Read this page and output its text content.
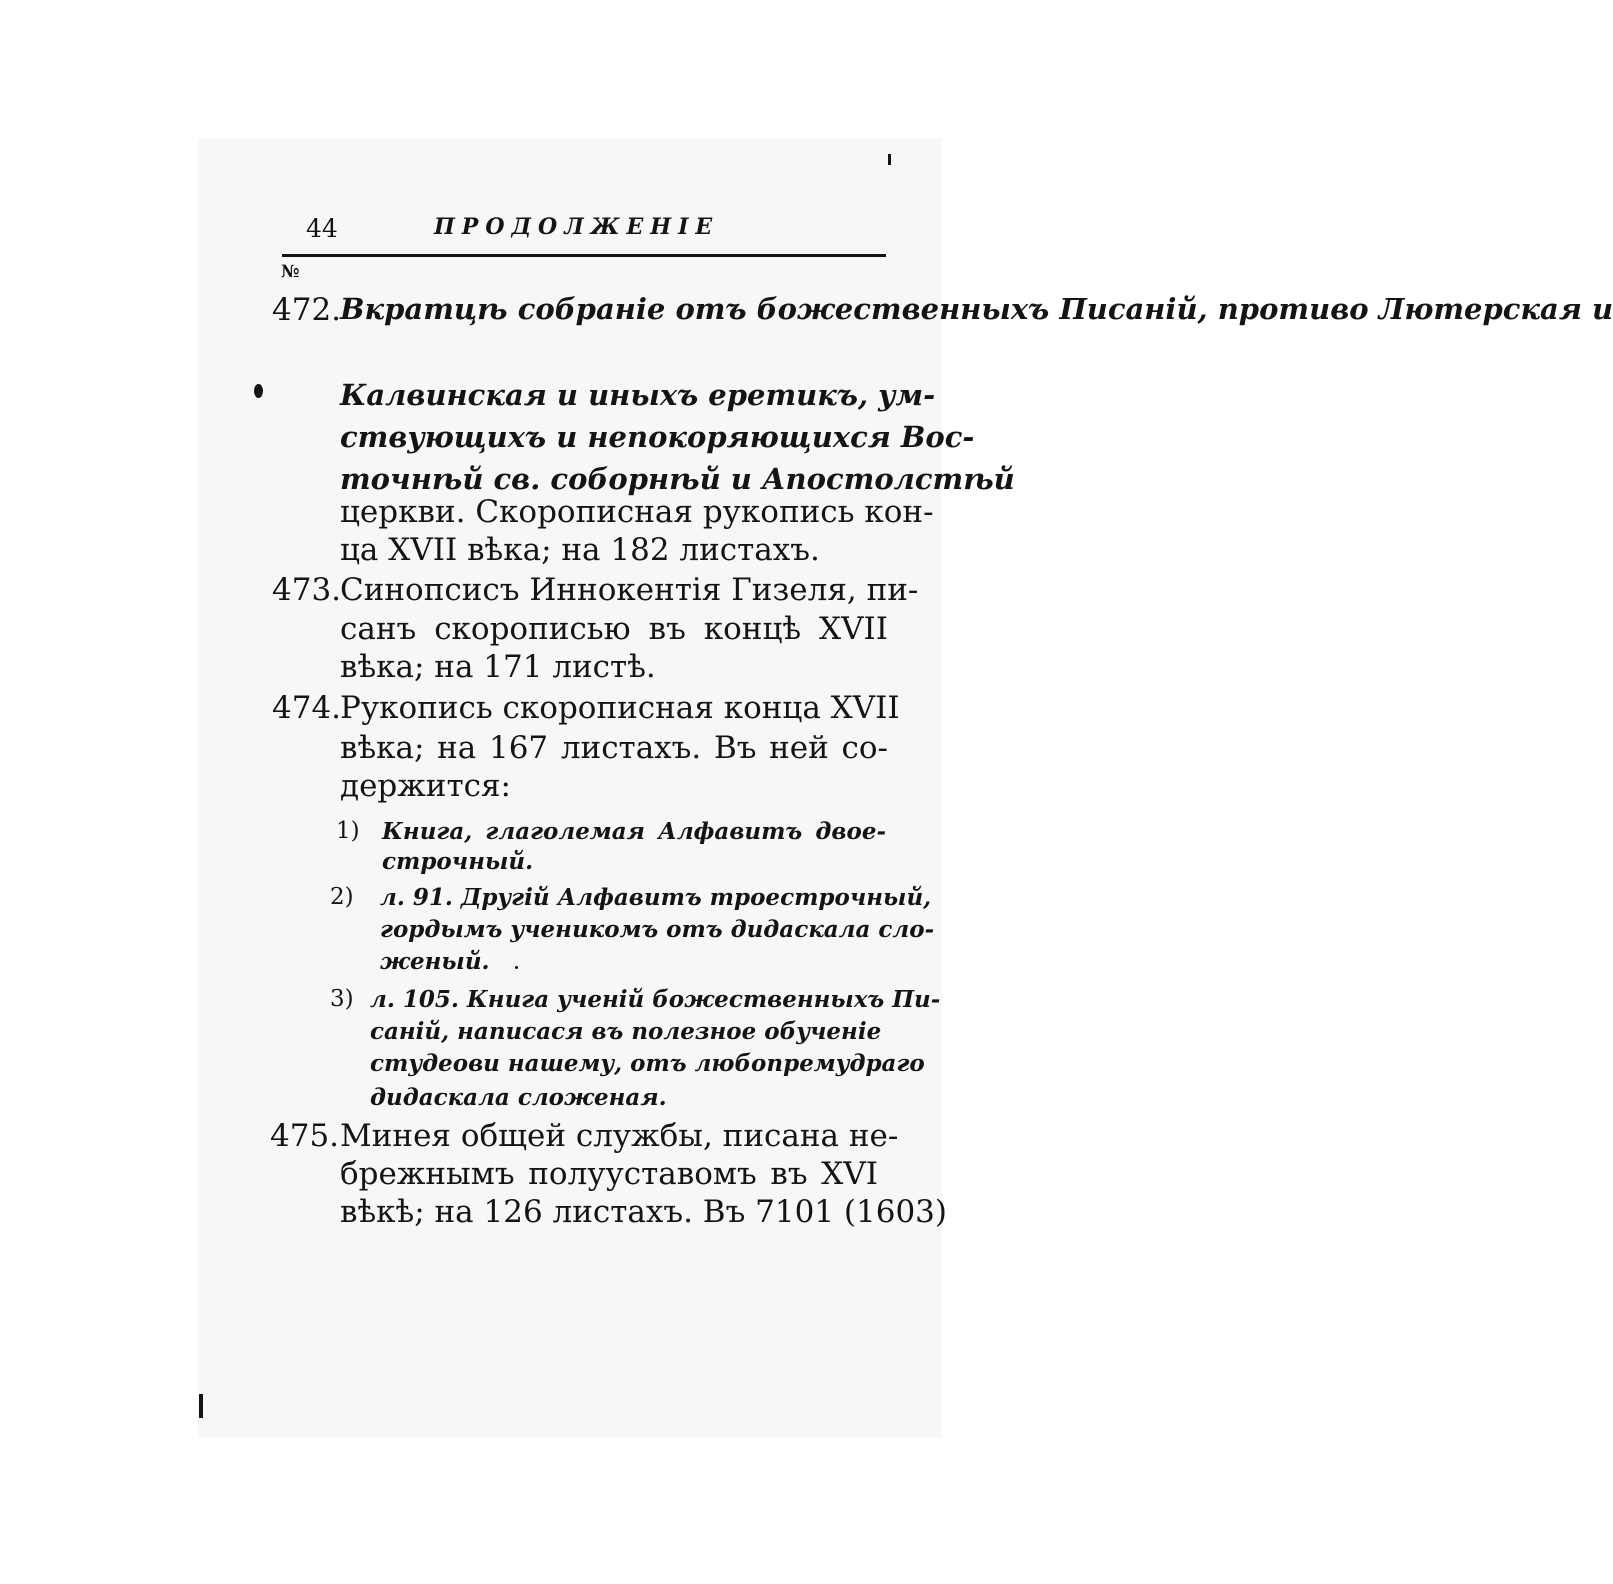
44	ПРОДОЛЖЕНІЕ
№
472.
Вкратцѣ собраніе отъ божественныхъ Писаній, противо Лютерская и
Калвинская и иныхъ еретикъ, ум-
ствующихъ и непокоряющихся Вос-
точнѣй св. соборнѣй и Апостолстѣй
церкви. Скорописная рукопись кон-
ца XVII вѣка; на 182 листахъ.
473.
Синопсисъ Иннокентія Гизеля, пи-
санъ скорописью въ концѣ XVII
вѣка; на 171 листѣ.
474.
Рукопись скорописная конца XVII
вѣка; на 167 листахъ. Въ ней со-
держится:
1) Книга, глаголемая Алфавитъ двое-
строчный.
2) л. 91. Другій Алфавитъ троестрочный,
гордымъ ученикомъ отъ дидаскала сло-
женый.
3) л. 105. Книга ученій божественныхъ Пи-
саній, написася въ полезное обученіе
студеови нашему, отъ любопремудраго
дидаскала сложеная.
475. Минея общей службы, писана не-
брежнымъ полууставомъ въ XVI
вѣкѣ; на 126 листахъ. Въ 7101 (1603)
